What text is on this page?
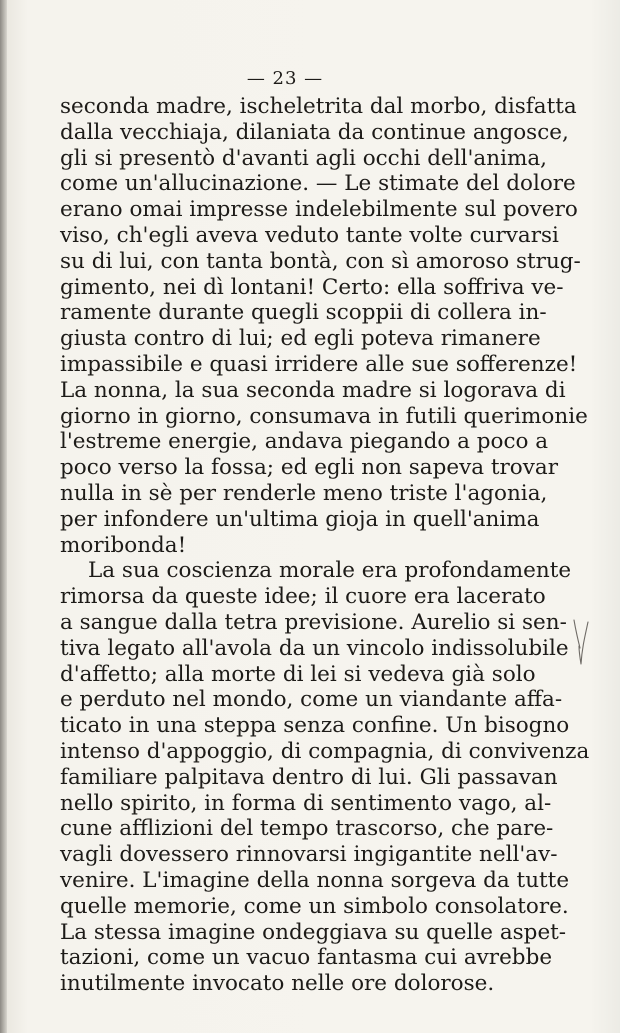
— 23 —
seconda madre, ischeletrita dal morbo, disfatta
dalla vecchiaja, dilaniata da continue angosce,
gli si presentò d'avanti agli occhi dell'anima,
come un'allucinazione. — Le stimate del dolore
erano omai impresse indelebilmente sul povero
viso, ch'egli aveva veduto tante volte curvarsi
su di lui, con tanta bontà, con sì amoroso strug-
gimento, nei dì lontani! Certo: ella soffriva ve-
ramente durante quegli scoppii di collera in-
giusta contro di lui; ed egli poteva rimanere
impassibile e quasi irridere alle sue sofferenze!
La nonna, la sua seconda madre si logorava di
giorno in giorno, consumava in futili querimonie
l'estreme energie, andava piegando a poco a
poco verso la fossa; ed egli non sapeva trovar
nulla in sè per renderle meno triste l'agonia,
per infondere un'ultima gioja in quell'anima
moribonda!
La sua coscienza morale era profondamente
rimorsa da queste idee; il cuore era lacerato
a sangue dalla tetra previsione. Aurelio si sen-
tiva legato all'avola da un vincolo indissolubile
d'affetto; alla morte di lei si vedeva già solo
e perduto nel mondo, come un viandante affa-
ticato in una steppa senza confine. Un bisogno
intenso d'appoggio, di compagnia, di convivenza
familiare palpitava dentro di lui. Gli passavan
nello spirito, in forma di sentimento vago, al-
cune afflizioni del tempo trascorso, che pare-
vagli dovessero rinnovarsi ingigantite nell'av-
venire. L'imagine della nonna sorgeva da tutte
quelle memorie, come un simbolo consolatore.
La stessa imagine ondeggiava su quelle aspet-
tazioni, come un vacuo fantasma cui avrebbe
inutilmente invocato nelle ore dolorose.
